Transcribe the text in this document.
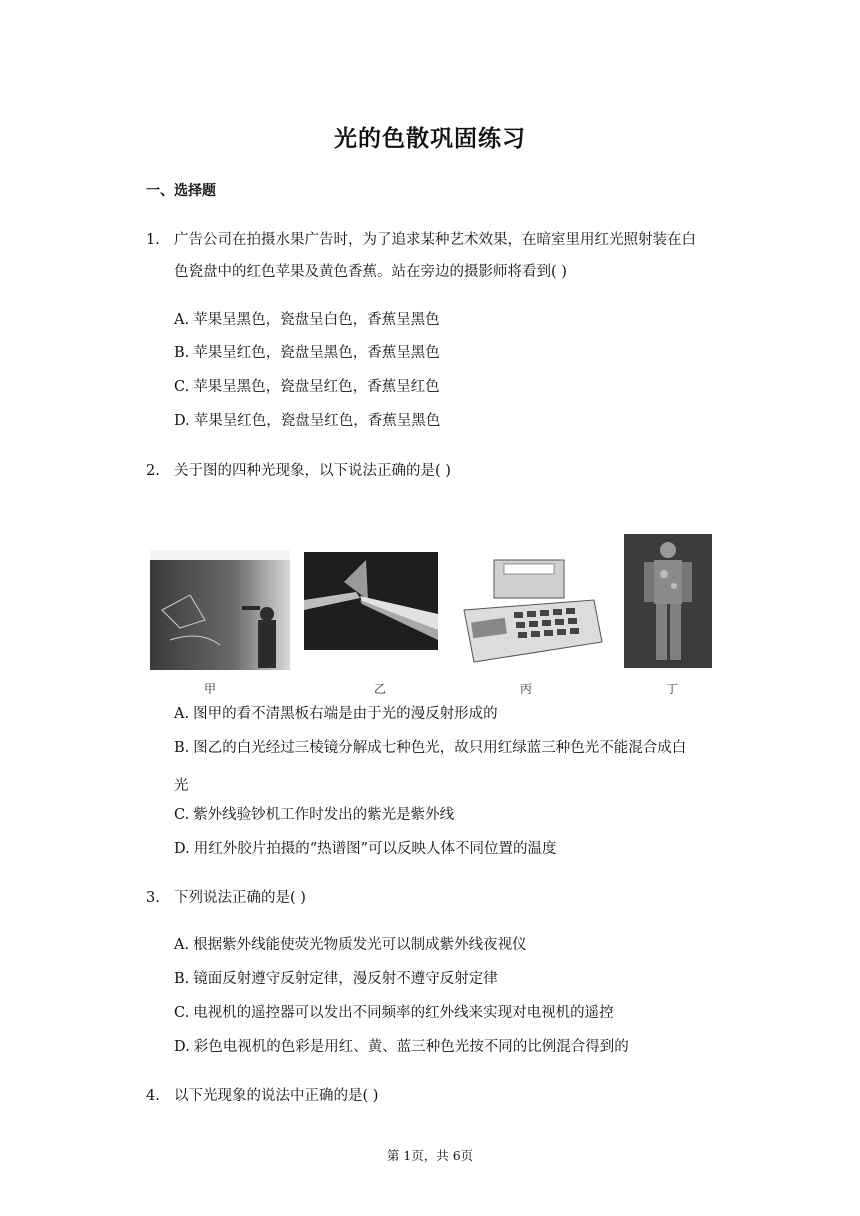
光的色散巩固练习
一、选择题
1. 广告公司在拍摄水果广告时，为了追求某种艺术效果，在暗室里用红光照射装在白
色瓷盘中的红色苹果及黄色香蕉。站在旁边的摄影师将看到( )
A. 苹果呈黑色，瓷盘呈白色，香蕉呈黑色
B. 苹果呈红色，瓷盘呈黑色，香蕉呈黑色
C. 苹果呈黑色，瓷盘呈红色，香蕉呈红色
D. 苹果呈红色，瓷盘呈红色，香蕉呈黑色
2. 关于图的四种光现象，以下说法正确的是( )
甲	乙	丙	丁
A. 图甲的看不清黑板右端是由于光的漫反射形成的
B. 图乙的白光经过三棱镜分解成七种色光，故只用红绿蓝三种色光不能混合成白
光
C. 紫外线验钞机工作时发出的紫光是紫外线
D. 用红外胶片拍摄的“热谱图”可以反映人体不同位置的温度
3. 下列说法正确的是( )
A. 根据紫外线能使荧光物质发光可以制成紫外线夜视仪
B. 镜面反射遵守反射定律，漫反射不遵守反射定律
C. 电视机的遥控器可以发出不同频率的红外线来实现对电视机的遥控
D. 彩色电视机的色彩是用红、黄、蓝三种色光按不同的比例混合得到的
4. 以下光现象的说法中正确的是( )
第 1页，共 6页
